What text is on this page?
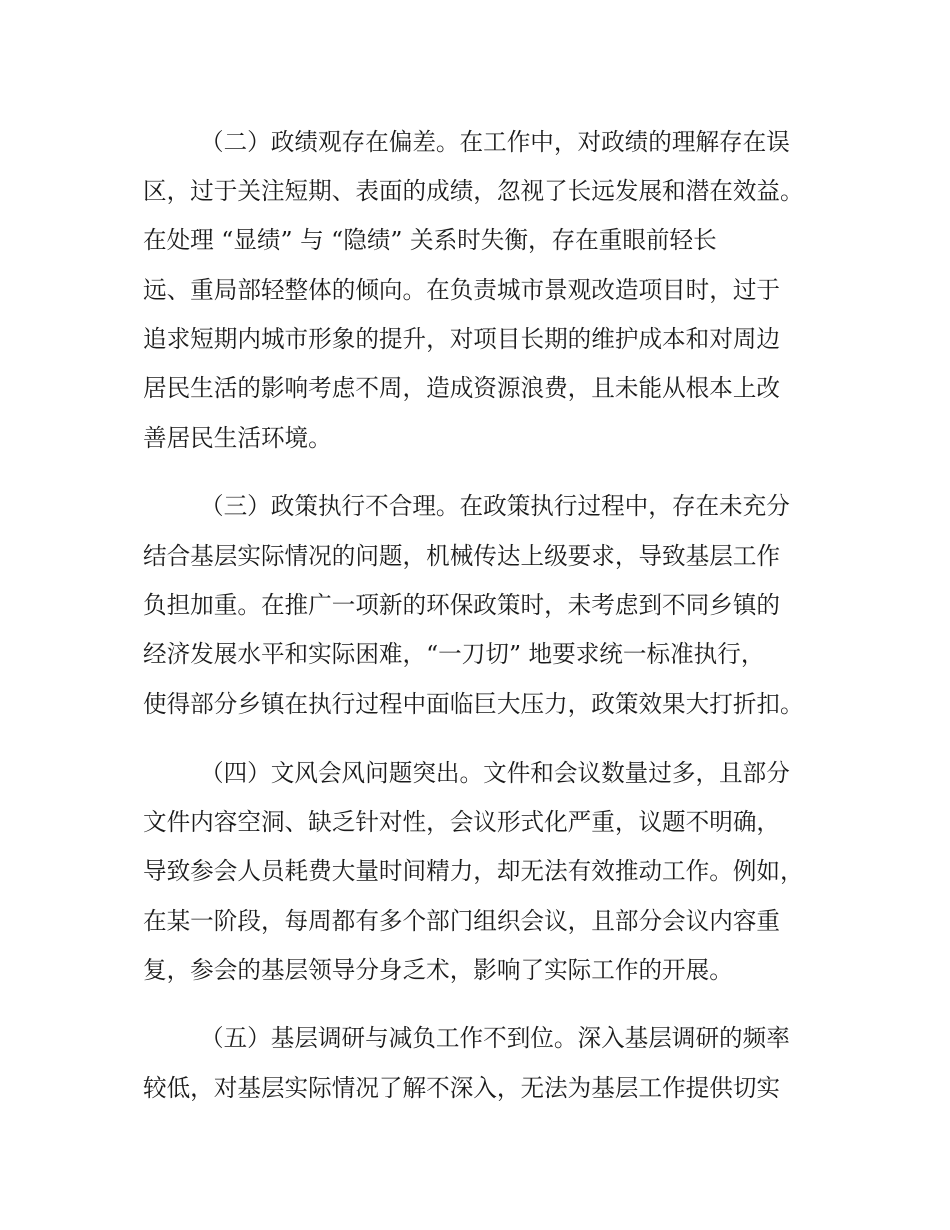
（二）政绩观存在偏差。在工作中，对政绩的理解存在误
区，过于关注短期、表面的成绩，忽视了长远发展和潜在效益。
在处理 “显绩” 与 “隐绩” 关系时失衡，存在重眼前轻长
远、重局部轻整体的倾向。在负责城市景观改造项目时，过于
追求短期内城市形象的提升，对项目长期的维护成本和对周边
居民生活的影响考虑不周，造成资源浪费，且未能从根本上改
善居民生活环境。
（三）政策执行不合理。在政策执行过程中，存在未充分
结合基层实际情况的问题，机械传达上级要求，导致基层工作
负担加重。在推广一项新的环保政策时，未考虑到不同乡镇的
经济发展水平和实际困难，“一刀切” 地要求统一标准执行，
使得部分乡镇在执行过程中面临巨大压力，政策效果大打折扣。
（四）文风会风问题突出。文件和会议数量过多，且部分
文件内容空洞、缺乏针对性，会议形式化严重，议题不明确，
导致参会人员耗费大量时间精力，却无法有效推动工作。例如，
在某一阶段，每周都有多个部门组织会议，且部分会议内容重
复，参会的基层领导分身乏术，影响了实际工作的开展。
（五）基层调研与减负工作不到位。深入基层调研的频率
较低，对基层实际情况了解不深入，无法为基层工作提供切实
